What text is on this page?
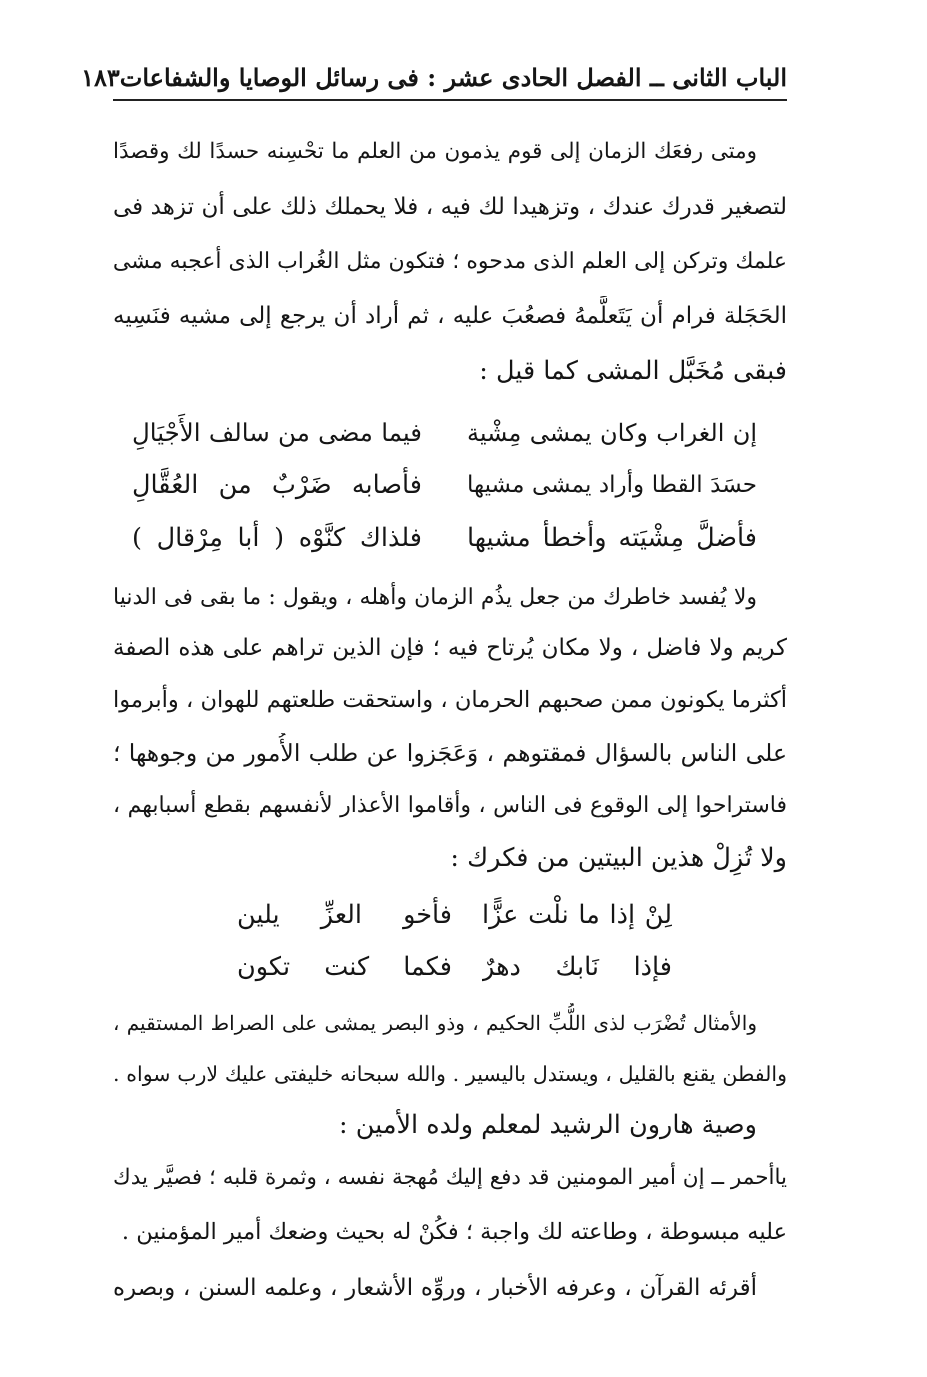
الباب الثانى ــ الفصل الحادى عشر : فى رسائل الوصايا والشفاعات
١٨٣
ومتى رفعَك الزمان إلى قوم يذمون من العلم ما تحْسِنه حسدًا لك وقصدًا
لتصغير قدرك عندك ، وتزهيدا لك فيه ، فلا يحملك ذلك على أن تزهد فى
علمك وتركن إلى العلم الذى مدحوه ؛ فتكون مثل الغُراب الذى أعجبه مشى
الحَجَلة فرام أن يَتَعلَّمهُ فصعُبَ عليه ، ثم أراد أن يرجع إلى مشيه فنَسِيه
فبقى مُخَبَّل المشى كما قيل :
إن الغراب وكان يمشى مِشْية
فيما مضى من سالف الأَجْيَالِ
حسَدَ القطا وأراد يمشى مشيها
فأصابه ضَرْبٌ من العُقَّالِ
فأضلَّ مِشْيَته وأخطأ مشيها
فلذاك كنَّوْه ( أبا مِرْقال )
ولا يُفسد خاطرك من جعل يذُم الزمان وأهله ، ويقول : ما بقى فى الدنيا
كريم ولا فاضل ، ولا مكان يُرتاح فيه ؛ فإن الذين تراهم على هذه الصفة
أكثرما يكونون ممن صحبهم الحرمان ، واستحقت طلعتهم للهوان ، وأبرموا
على الناس بالسؤال فمقتوهم ، وَعَجَزوا عن طلب الأُمور من وجوهها ؛
فاستراحوا إلى الوقوع فى الناس ، وأقاموا الأعذار لأنفسهم بقطع أسبابهم ،
ولا تُزِلْ هذين البيتين من فكرك :
لِنْ إذا ما نلْت عزًّا
فأخو العزِّ يلين
فإذا نَابك دهرٌ
فكما كنت تكون
والأمثال تُضْرَب لذى اللُّبِّ الحكيم ، وذو البصر يمشى على الصراط المستقيم ،
والفطن يقنع بالقليل ، ويستدل باليسير . والله سبحانه خليفتى عليك لارب سواه .
وصية هارون الرشيد لمعلم ولده الأمين :
ياأحمر ــ إن أمير المومنين قد دفع إليك مُهجة نفسه ، وثمرة قلبه ؛ فصيَّر يدك
عليه مبسوطة ، وطاعته لك واجبة ؛ فكُنْ له بحيث وضعك أمير المؤمنين .
أقرئه القرآن ، وعرفه الأخبار ، وروِّه الأشعار ، وعلمه السنن ، وبصره
